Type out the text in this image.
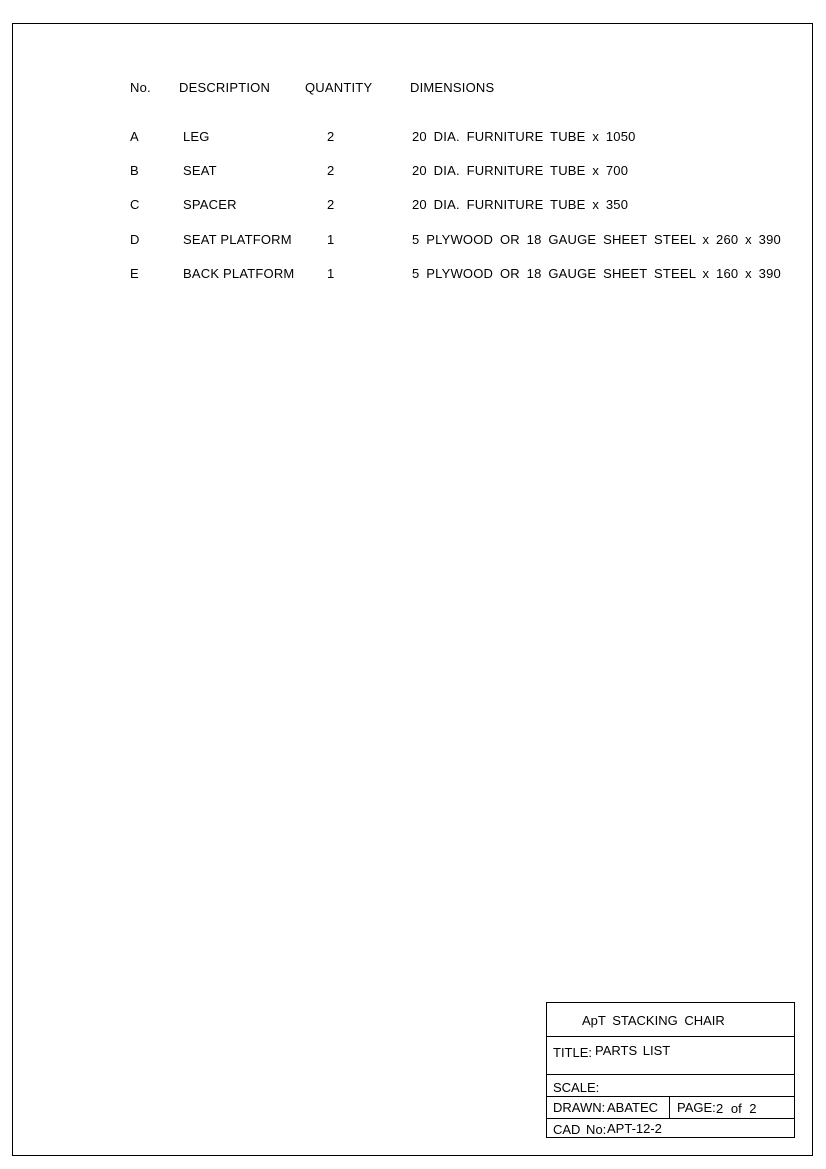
No. DESCRIPTION	QUANTITY	DIMENSIONS
A	LEG	2	20 DIA. FURNITURE TUBE x 1050
B	SEAT	2	20 DIA. FURNITURE TUBE x 700
C	SPACER	2	20 DIA. FURNITURE TUBE x 350
D	SEAT PLATFORM	1	5 PLYWOOD OR 18 GAUGE SHEET STEEL x 260 x 390
E	BACK PLATFORM	1	5 PLYWOOD OR 18 GAUGE SHEET STEEL x 160 x 390
ApT STACKING CHAIR
TITLE: PARTS LIST
SCALE:
DRAWN: ABATEC PAGE: 2 of 2
CAD No: APT-12-2
